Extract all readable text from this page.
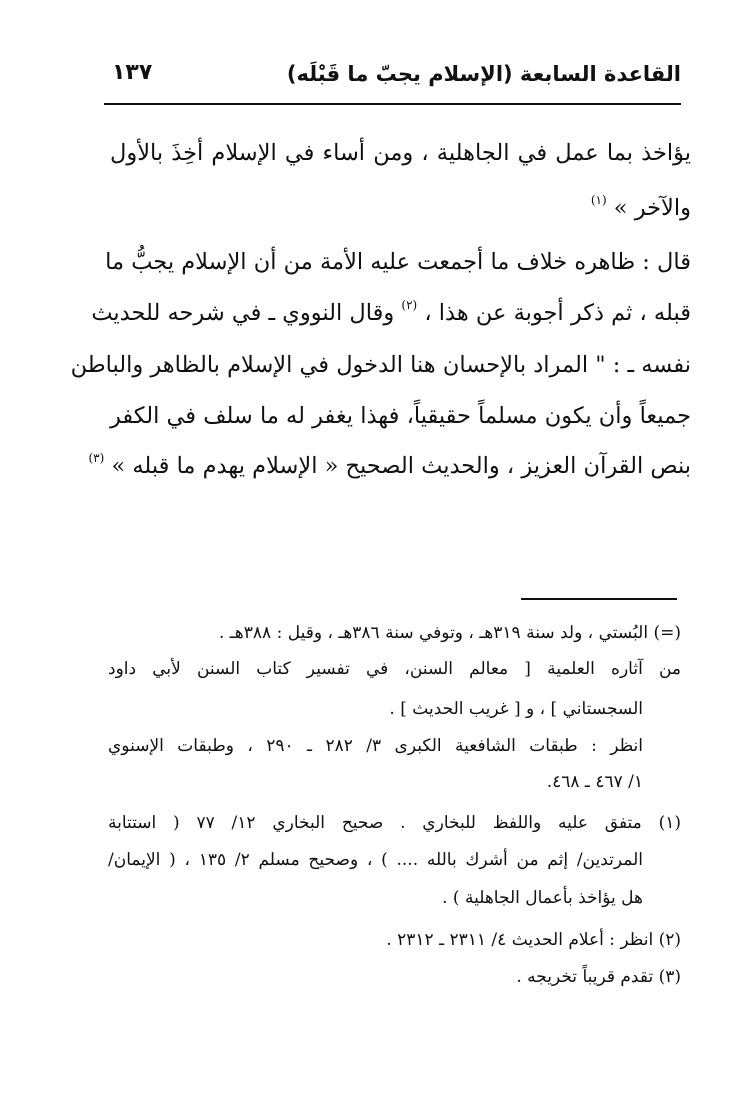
القاعدة السابعة (الإسلام يجبّ ما قَبْلَه)
١٣٧
يؤاخذ بما عمل في الجاهلية ، ومن أساء في الإسلام أخِذَ بالأول
والآخر » $^{(١)}$
قال : ظاهره خلاف ما أجمعت عليه الأمة من أن الإسلام يجبُّ ما
قبله ، ثم ذكر أجوبة عن هذا ، $^{(٢)}$ وقال النووي ـ في شرحه للحديث
نفسه ـ : " المراد بالإحسان هنا الدخول في الإسلام بالظاهر والباطن
جميعاً وأن يكون مسلماً حقيقياً، فهذا يغفر له ما سلف في الكفر
بنص القرآن العزيز ، والحديث الصحيح « الإسلام يهدم ما قبله » $^{(٣)}$
(=) البُستي ، ولد سنة ٣١٩هـ ، وتوفي سنة ٣٨٦هـ ، وقيل : ٣٨٨هـ .
من آثاره العلمية [ معالم السنن، في تفسير كتاب السنن لأبي داود
السجستاني ] ، و [ غريب الحديث ] .
انظر : طبقات الشافعية الكبرى ٣/ ٢٨٢ ـ ٢٩٠ ، وطبقات الإسنوي
١/ ٤٦٧ ـ ٤٦٨.
(١) متفق عليه واللفظ للبخاري . صحيح البخاري ١٢/ ٧٧ ( استتابة
المرتدين/ إثم من أشرك بالله .... ) ، وصحيح مسلم ٢/ ١٣٥ ، ( الإيمان/
هل يؤاخذ بأعمال الجاهلية ) .
(٢) انظر : أعلام الحديث ٤/ ٢٣١١ ـ ٢٣١٢ .
(٣) تقدم قريباً تخريجه .
